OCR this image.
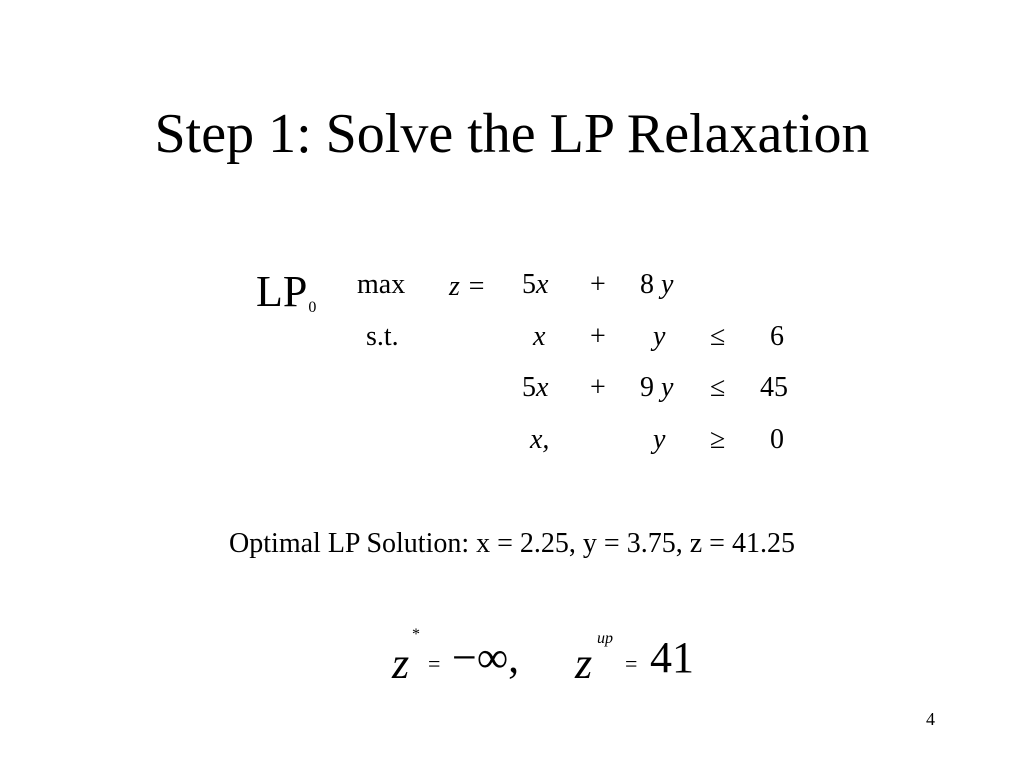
Step 1: Solve the LP Relaxation
LP0
max z = 5x + 8 y
s.t.	x + y ≤ 6
5x + 9 y ≤ 45
x,	y ≥ 0
Optimal LP Solution: x = 2.25, y = 3.75, z = 41.25
z
*
= −∞, z
up
= 41
4
